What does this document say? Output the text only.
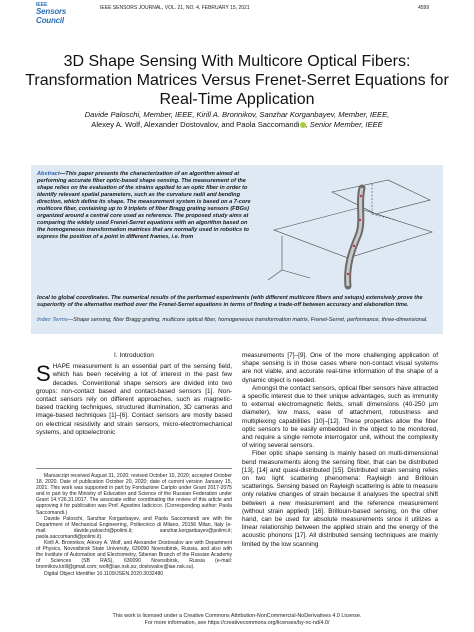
IEEE
Sensors Council
IEEE SENSORS JOURNAL, VOL. 21, NO. 4, FEBRUARY 15, 2021	4599
3D Shape Sensing With Multicore Optical Fibers: Transformation Matrices Versus Frenet-Serret Equations for Real-Time Application
Davide Paloschi, Member, IEEE, Kirill A. Bronnikov, Sanzhar Korganbayev, Member, IEEE,
Alexey A. Wolf, Alexander Dostovalov, and Paola Saccomandi , Senior Member, IEEE
Abstract—This paper presents the characterization of an algorithm aimed at performing accurate fiber optic-based shape sensing. The measurement of the shape relies on the evaluation of the strains applied to an optic fiber in order to identify relevant spatial parameters, such as the curvature radii and bending direction, which define its shape. The measurement system is based on a 7-core multicore fiber, containing up to 9 triplets of fiber Bragg grating sensors (FBGs) organized around a central core used as reference. The proposed study aims at comparing the widely used Frenet-Serret equations with an algorithm based on the homogeneous transformation matrices that are normally used in robotics to express the position of a point in different frames, i.e. from
local to global coordinates. The numerical results of the performed experiments (with different multicore fibers and setups) extensively prove the superiority of the alternative method over the Frenet-Serret equations in terms of finding a trade-off between accuracy and elaboration time.
Index Terms—Shape sensing, fiber Bragg grating, multicore optical fiber, homogeneous transformation matrix, Frenet-Serret, performance, three-dimensional.
I. Introduction

SHAPE measurement is an essential part of the sensing field, which has been receiving a lot of interest in the past few decades. Conventional shape sensors are divided into two groups: non-contact based and contact-based sensors [1]. Non-contact sensors rely on different approaches, such as magnetic-based tracking techniques, structured illumination, 3D cameras and image-based techniques [1]–[6]. Contact sensors are mostly based on electrical resistivity and strain sensors, micro-electromechanical systems, and optoelectronic

Manuscript received August 31, 2020; revised October 10, 2020; accepted October 18, 2020. Date of publication October 20, 2020; date of current version January 15, 2021. This work was supported in part by Fondazione Cariplo under Grant 2017-2075 and in part by the Ministry of Education and Science of the Russian Federation under Grant 14.Y26.31.0017. The associate editor coordinating the review of this article and approving it for publication was Prof. Agostino Iadicicco. (Corresponding author: Paola Saccomandi.)

Davide Paloschi, Sanzhar Korganbayev, and Paola Saccomandi are with the Department of Mechanical Engineering, Politecnico di Milano, 20156 Milan, Italy (e-mail: davide.paloschi@polimi.it; sanzhar.korganbayev@polimi.it; paola.saccomandi@polimi.it).

Kirill A. Bronnikov, Alexey A. Wolf, and Alexander Dostovalov are with Department of Physics, Novosibirsk State University, 630090 Novosibirsk, Russia, and also with the Institute of Automation and Electrometry, Siberian Branch of the Russian Academy of Sciences (SB RAS), 630090 Novosibirsk, Russia (e-mail: bronnikov.kirill@gmail.com; wolf@iae.nsk.su; dostovalov@iae.nsk.su).

Digital Object Identifier 10.1109/JSEN.2020.3032480

measurements [7]–[9]. One of the more challenging application of shape sensing is in those cases where non-contact visual systems are not viable, and accurate real-time information of the shape of a dynamic object is needed.

Amongst the contact sensors, optical fiber sensors have attracted a specific interest due to their unique advantages, such as immunity to external electromagnetic fields, small dimensions (40-250 μm diameter), low mass, ease of attachment, robustness and multiplexing capabilities [10]–[12]. These properties allow the fiber optic sensors to be easily embedded in the object to be monitored, and require a single remote interrogator unit, without the complexity of wiring several sensors.

Fiber optic shape sensing is mainly based on multi-dimensional bend measurements along the sensing fiber, that can be distributed [13], [14] and quasi-distributed [15]. Distributed strain sensing relies on two light scattering phenomena: Rayleigh and Brillouin scatterings. Sensing based on Rayleigh scattering is able to measure only relative changes of strain because it analyses the spectral shift between a new measurement and the reference measurement (without strain applied) [16]. Brillouin-based sensing, on the other hand, can be used for absolute measurements since it utilizes a linear relationship between the applied strain and the energy of the acoustic phonons [17]. All distributed sensing techniques are mainly limited by the low scanning

This work is licensed under a Creative Commons Attribution-NonCommercial-NoDerivatives 4.0 License.
For more information, see https://creativecommons.org/licenses/by-nc-nd/4.0/
